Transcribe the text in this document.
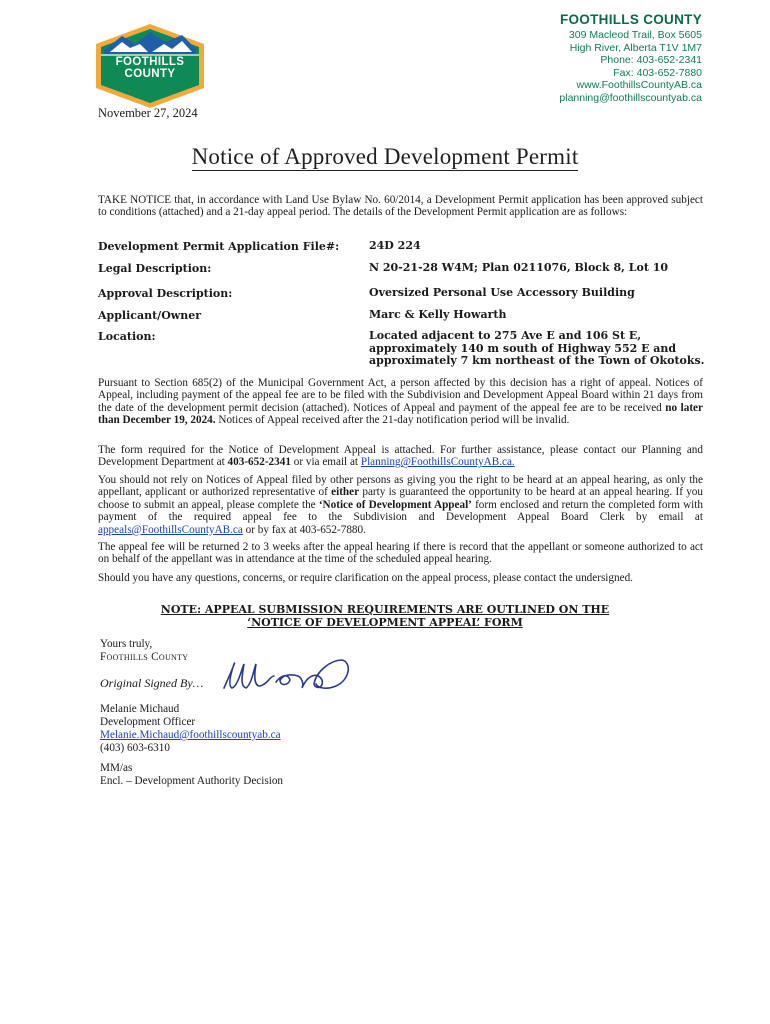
FOOTHILLS
COUNTY
FOOTHILLS COUNTY
309 Macleod Trail, Box 5605
High River, Alberta T1V 1M7
Phone: 403-652-2341
Fax: 403-652-7880
www.FoothillsCountyAB.ca
planning@foothillscountyab.ca
November 27, 2024
Notice of Approved Development Permit
TAKE NOTICE that, in accordance with Land Use Bylaw No. 60/2014, a Development Permit application has been approved subject to conditions (attached) and a 21-day appeal period. The details of the Development Permit application are as follows:
Development Permit Application File#:	24D 224
Legal Description:	N 20-21-28 W4M; Plan 0211076, Block 8, Lot 10
Approval Description:	Oversized Personal Use Accessory Building
Applicant/Owner	Marc & Kelly Howarth
Location:	Located adjacent to 275 Ave E and 106 St E, approximately 140 m south of Highway 552 E and approximately 7 km northeast of the Town of Okotoks.
Pursuant to Section 685(2) of the Municipal Government Act, a person affected by this decision has a right of appeal. Notices of Appeal, including payment of the appeal fee are to be filed with the Subdivision and Development Appeal Board within 21 days from the date of the development permit decision (attached). Notices of Appeal and payment of the appeal fee are to be received no later than December 19, 2024. Notices of Appeal received after the 21-day notification period will be invalid.
The form required for the Notice of Development Appeal is attached. For further assistance, please contact our Planning and Development Department at 403-652-2341 or via email at Planning@FoothillsCountyAB.ca.
You should not rely on Notices of Appeal filed by other persons as giving you the right to be heard at an appeal hearing, as only the appellant, applicant or authorized representative of either party is guaranteed the opportunity to be heard at an appeal hearing. If you choose to submit an appeal, please complete the ‘Notice of Development Appeal’ form enclosed and return the completed form with payment of the required appeal fee to the Subdivision and Development Appeal Board Clerk by email at appeals@FoothillsCountyAB.ca or by fax at 403-652-7880.
The appeal fee will be returned 2 to 3 weeks after the appeal hearing if there is record that the appellant or someone authorized to act on behalf of the appellant was in attendance at the time of the scheduled appeal hearing.
Should you have any questions, concerns, or require clarification on the appeal process, please contact the undersigned.
NOTE: APPEAL SUBMISSION REQUIREMENTS ARE OUTLINED ON THE
‘NOTICE OF DEVELOPMENT APPEAL’ FORM
Yours truly,
Foothills County
Original Signed By…
Melanie Michaud
Development Officer
Melanie.Michaud@foothillscountyab.ca
(403) 603-6310
MM/as
Encl. – Development Authority Decision
